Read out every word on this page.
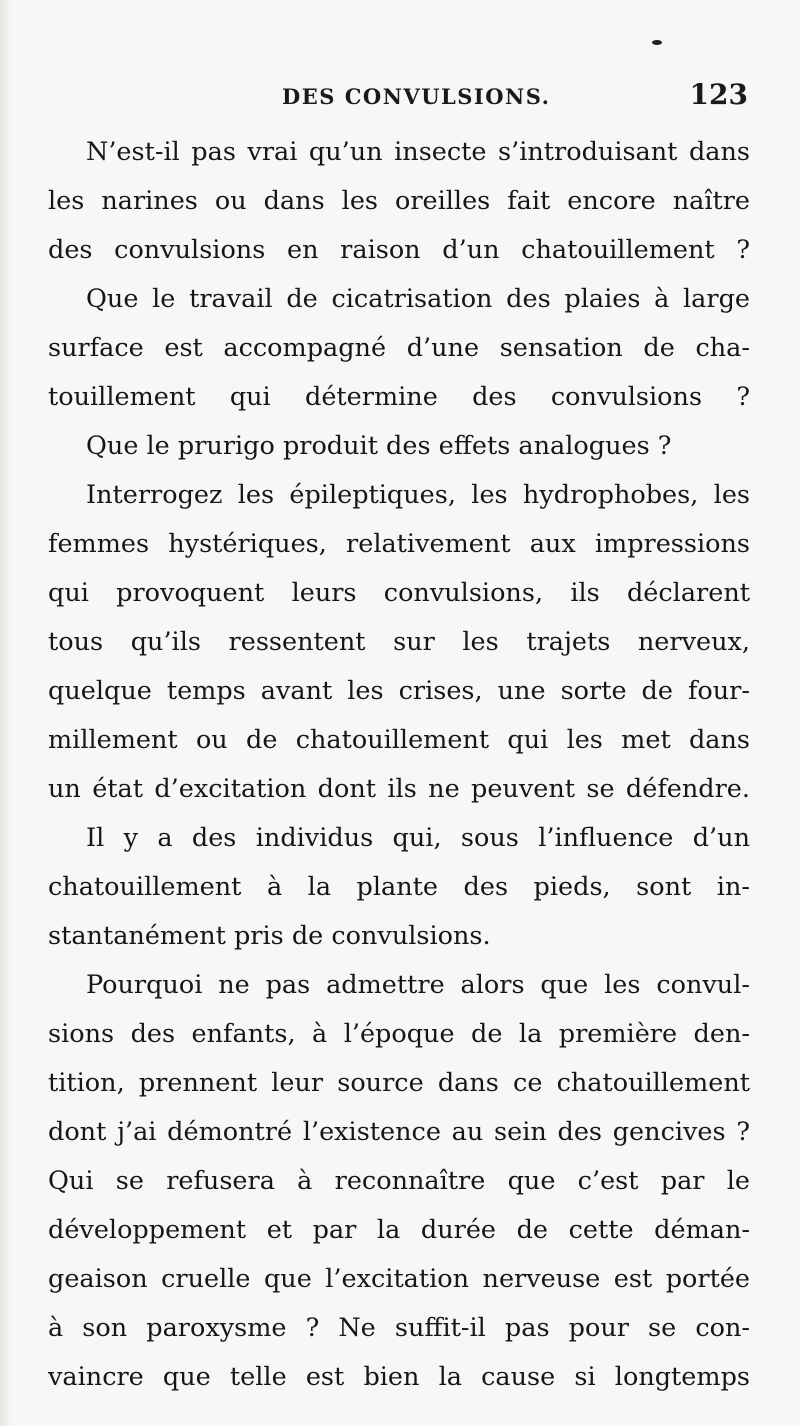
DES CONVULSIONS.	123
N’est-il pas vrai qu’un insecte s’introduisant dans
les narines ou dans les oreilles fait encore naître
des convulsions en raison d’un chatouillement ?
Que le travail de cicatrisation des plaies à large
surface est accompagné d’une sensation de cha-
touillement qui détermine des convulsions ?
Que le prurigo produit des effets analogues ?
Interrogez les épileptiques, les hydrophobes, les
femmes hystériques, relativement aux impressions
qui provoquent leurs convulsions, ils déclarent
tous qu’ils ressentent sur les trajets nerveux,
quelque temps avant les crises, une sorte de four-
millement ou de chatouillement qui les met dans
un état d’excitation dont ils ne peuvent se défendre.
Il y a des individus qui, sous l’influence d’un
chatouillement à la plante des pieds, sont in-
stantanément pris de convulsions.
Pourquoi ne pas admettre alors que les convul-
sions des enfants, à l’époque de la première den-
tition, prennent leur source dans ce chatouillement
dont j’ai démontré l’existence au sein des gencives ?
Qui se refusera à reconnaître que c’est par le
développement et par la durée de cette déman-
geaison cruelle que l’excitation nerveuse est portée
à son paroxysme ? Ne suffit-il pas pour se con-
vaincre que telle est bien la cause si longtemps
